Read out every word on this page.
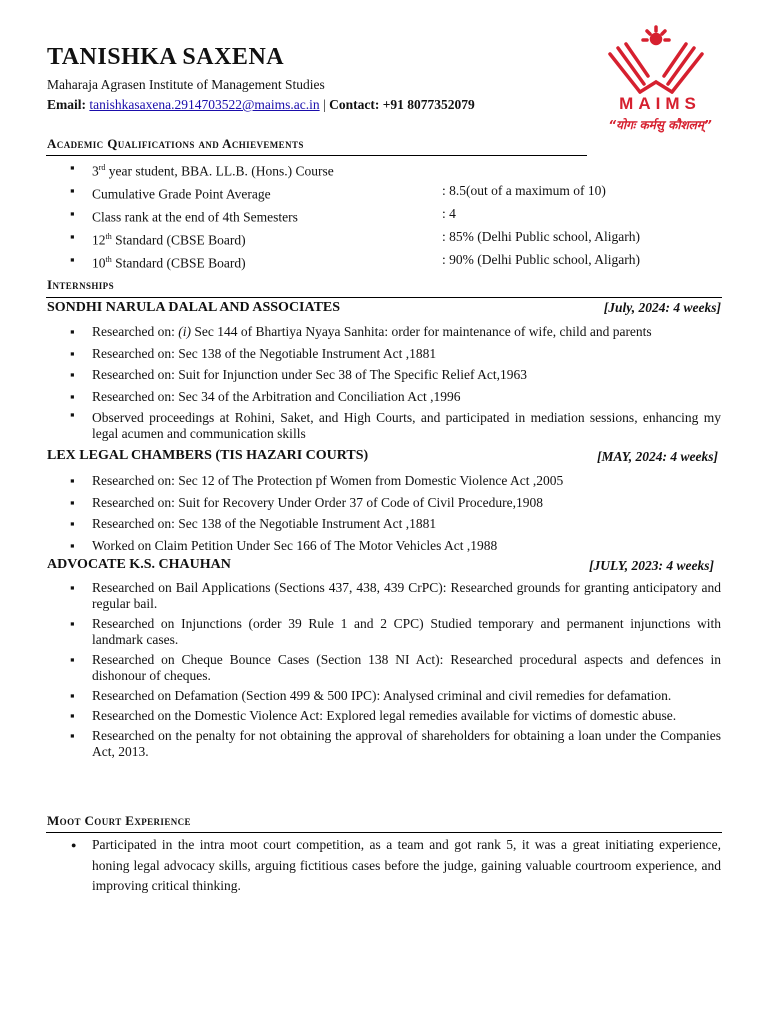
TANISHKA SAXENA
Maharaja Agrasen Institute of Management Studies
Email: tanishkasaxena.2914703522@maims.ac.in | Contact: +91 8077352079	MAIMS
“योगः कर्मसु कौशलम्”
Academic Qualifications and Achievements
▪ 3rd year student, BBA. LL.B. (Hons.) Course
▪ Cumulative Grade Point Average	: 8.5(out of a maximum of 10)
▪ Class rank at the end of 4th Semesters	: 4
▪ 12th Standard (CBSE Board)	: 85% (Delhi Public school, Aligarh)
▪ 10th Standard (CBSE Board)	: 90% (Delhi Public school, Aligarh)
Internships
SONDHI NARULA DALAL AND ASSOCIATES	[July, 2024: 4 weeks]
▪ Researched on: (i) Sec 144 of Bhartiya Nyaya Sanhita: order for maintenance of wife, child and parents
▪ Researched on: Sec 138 of the Negotiable Instrument Act ,1881
▪ Researched on: Suit for Injunction under Sec 38 of The Specific Relief Act,1963
▪ Researched on: Sec 34 of the Arbitration and Conciliation Act ,1996
▪ Observed proceedings at Rohini, Saket, and High Courts, and participated in mediation sessions, enhancing my legal acumen and communication skills
LEX LEGAL CHAMBERS (TIS HAZARI COURTS)	[MAY, 2024: 4 weeks]
▪ Researched on: Sec 12 of The Protection pf Women from Domestic Violence Act ,2005
▪ Researched on: Suit for Recovery Under Order 37 of Code of Civil Procedure,1908
▪ Researched on: Sec 138 of the Negotiable Instrument Act ,1881
▪ Worked on Claim Petition Under Sec 166 of The Motor Vehicles Act ,1988
ADVOCATE K.S. CHAUHAN	[JULY, 2023: 4 weeks]
▪ Researched on Bail Applications (Sections 437, 438, 439 CrPC): Researched grounds for granting anticipatory and regular bail.
▪ Researched on Injunctions (order 39 Rule 1 and 2 CPC) Studied temporary and permanent injunctions with landmark cases.
▪ Researched on Cheque Bounce Cases (Section 138 NI Act): Researched procedural aspects and defences in dishonour of cheques.
▪ Researched on Defamation (Section 499 & 500 IPC): Analysed criminal and civil remedies for defamation.
▪ Researched on the Domestic Violence Act: Explored legal remedies available for victims of domestic abuse.
▪ Researched on the penalty for not obtaining the approval of shareholders for obtaining a loan under the Companies Act, 2013.
Moot Court Experience
● Participated in the intra moot court competition, as a team and got rank 5, it was a great initiating experience, honing legal advocacy skills, arguing fictitious cases before the judge, gaining valuable courtroom experience, and improving critical thinking.
